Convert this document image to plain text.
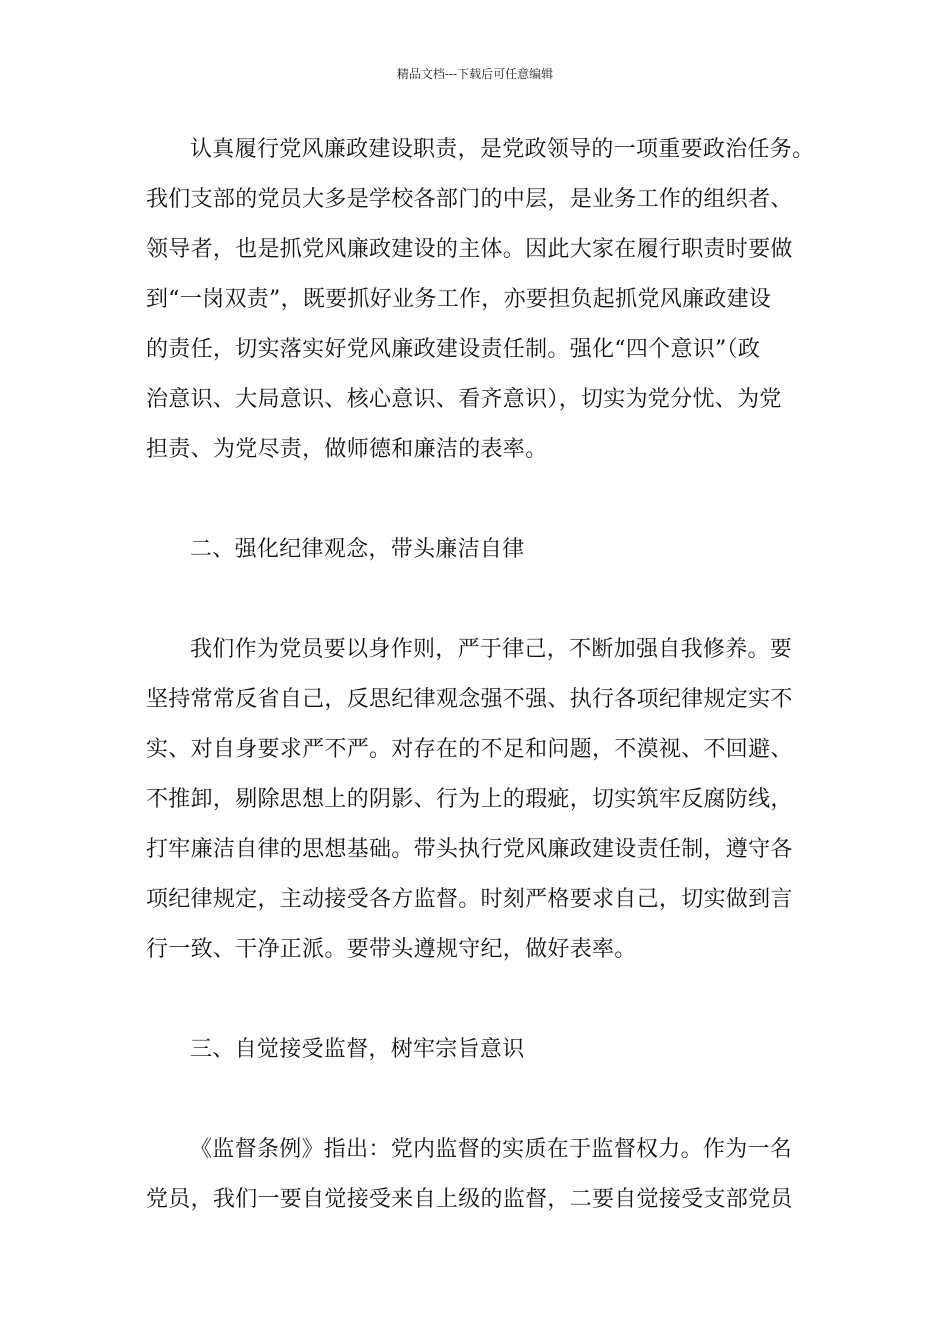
精品文档---下载后可任意编辑
认真履行党风廉政建设职责，是党政领导的一项重要政治任务。
我们支部的党员大多是学校各部门的中层，是业务工作的组织者、
领导者，也是抓党风廉政建设的主体。因此大家在履行职责时要做
到“一岗双责”，既要抓好业务工作，亦要担负起抓党风廉政建设
的责任，切实落实好党风廉政建设责任制。强化“四个意识”（政
治意识、大局意识、核心意识、看齐意识），切实为党分忧、为党
担责、为党尽责，做师德和廉洁的表率。
二、强化纪律观念，带头廉洁自律
我们作为党员要以身作则，严于律己，不断加强自我修养。要
坚持常常反省自己，反思纪律观念强不强、执行各项纪律规定实不
实、对自身要求严不严。对存在的不足和问题，不漠视、不回避、
不推卸，剔除思想上的阴影、行为上的瑕疵，切实筑牢反腐防线，
打牢廉洁自律的思想基础。带头执行党风廉政建设责任制，遵守各
项纪律规定，主动接受各方监督。时刻严格要求自己，切实做到言
行一致、干净正派。要带头遵规守纪，做好表率。
三、自觉接受监督，树牢宗旨意识
《监督条例》指出：党内监督的实质在于监督权力。作为一名
党员，我们一要自觉接受来自上级的监督，二要自觉接受支部党员
